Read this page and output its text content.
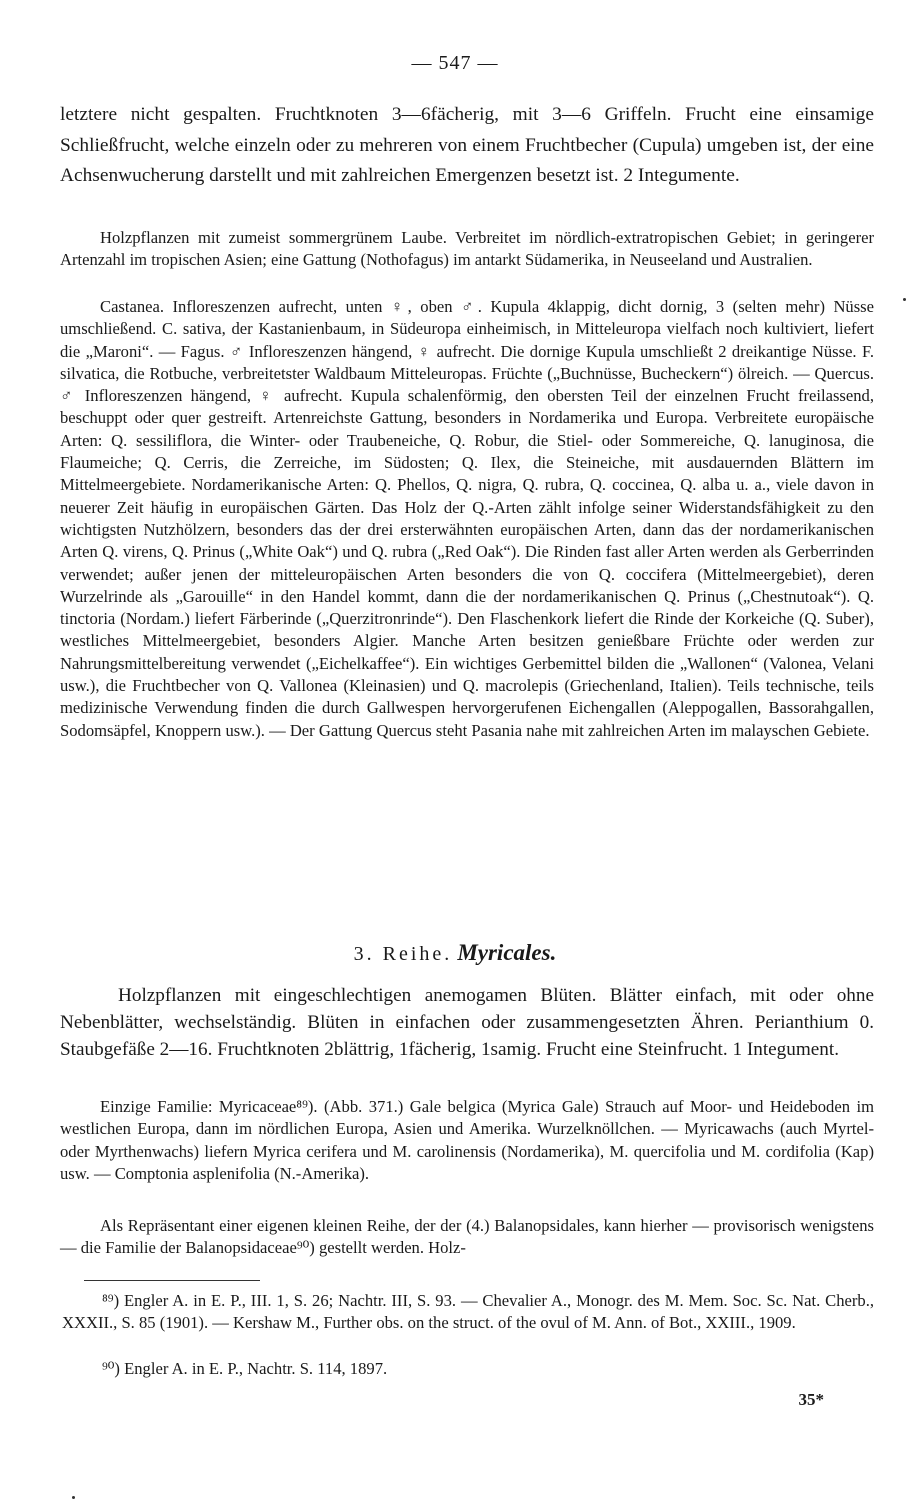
— 547 —
letztere nicht gespalten. Fruchtknoten 3—6fächerig, mit 3—6 Griffeln. Frucht eine einsamige Schließfrucht, welche einzeln oder zu mehreren von einem Fruchtbecher (Cupula) umgeben ist, der eine Achsenwucherung darstellt und mit zahlreichen Emergenzen besetzt ist. 2 Integumente.
Holzpflanzen mit zumeist sommergrünem Laube. Verbreitet im nördlich-extratropischen Gebiet; in geringerer Artenzahl im tropischen Asien; eine Gattung (Nothofagus) im antarkt Südamerika, in Neuseeland und Australien.
Castanea. Infloreszenzen aufrecht, unten ♀, oben ♂. Kupula 4klappig, dicht dornig, 3 (selten mehr) Nüsse umschließend. C. sativa, der Kastanienbaum, in Südeuropa einheimisch, in Mitteleuropa vielfach noch kultiviert, liefert die „Maroni“. — Fagus. ♂ Infloreszenzen hängend, ♀ aufrecht. Die dornige Kupula umschließt 2 dreikantige Nüsse. F. silvatica, die Rotbuche, verbreitetster Waldbaum Mitteleuropas. Früchte („Buchnüsse, Bucheckern“) ölreich. — Quercus. ♂ Infloreszenzen hängend, ♀ aufrecht. Kupula schalenförmig, den obersten Teil der einzelnen Frucht freilassend, beschuppt oder quer gestreift. Artenreichste Gattung, besonders in Nordamerika und Europa. Verbreitete europäische Arten: Q. sessiliflora, die Winter- oder Traubeneiche, Q. Robur, die Stiel- oder Sommereiche, Q. lanuginosa, die Flaumeiche; Q. Cerris, die Zerreiche, im Südosten; Q. Ilex, die Steineiche, mit ausdauernden Blättern im Mittelmeergebiete. Nordamerikanische Arten: Q. Phellos, Q. nigra, Q. rubra, Q. coccinea, Q. alba u. a., viele davon in neuerer Zeit häufig in europäischen Gärten. Das Holz der Q.-Arten zählt infolge seiner Widerstandsfähigkeit zu den wichtigsten Nutzhölzern, besonders das der drei ersterwähnten europäischen Arten, dann das der nordamerikanischen Arten Q. virens, Q. Prinus („White Oak“) und Q. rubra („Red Oak“). Die Rinden fast aller Arten werden als Gerberrinden verwendet; außer jenen der mitteleuropäischen Arten besonders die von Q. coccifera (Mittelmeergebiet), deren Wurzelrinde als „Garouille“ in den Handel kommt, dann die der nordamerikanischen Q. Prinus („Chestnutoak“). Q. tinctoria (Nordam.) liefert Färberinde („Querzitronrinde“). Den Flaschenkork liefert die Rinde der Korkeiche (Q. Suber), westliches Mittelmeergebiet, besonders Algier. Manche Arten besitzen genießbare Früchte oder werden zur Nahrungsmittelbereitung verwendet („Eichelkaffee“). Ein wichtiges Gerbemittel bilden die „Wallonen“ (Valonea, Velani usw.), die Fruchtbecher von Q. Vallonea (Kleinasien) und Q. macrolepis (Griechenland, Italien). Teils technische, teils medizinische Verwendung finden die durch Gallwespen hervorgerufenen Eichengallen (Aleppogallen, Bassorahgallen, Sodomsäpfel, Knoppern usw.). — Der Gattung Quercus steht Pasania nahe mit zahlreichen Arten im malayschen Gebiete.
3. Reihe. Myricales.
Holzpflanzen mit eingeschlechtigen anemogamen Blüten. Blätter einfach, mit oder ohne Nebenblätter, wechselständig. Blüten in einfachen oder zusammengesetzten Ähren. Perianthium 0. Staubgefäße 2—16. Fruchtknoten 2blättrig, 1fächerig, 1samig. Frucht eine Steinfrucht. 1 Integument.
Einzige Familie: Myricaceae⁸⁹). (Abb. 371.) Gale belgica (Myrica Gale) Strauch auf Moor- und Heideboden im westlichen Europa, dann im nördlichen Europa, Asien und Amerika. Wurzelknöllchen. — Myricawachs (auch Myrtel- oder Myrthenwachs) liefern Myrica cerifera und M. carolinensis (Nordamerika), M. quercifolia und M. cordifolia (Kap) usw. — Comptonia asplenifolia (N.-Amerika).
Als Repräsentant einer eigenen kleinen Reihe, der der (4.) Balanopsidales, kann hierher — provisorisch wenigstens — die Familie der Balanopsidaceae⁹⁰) gestellt werden. Holz-
⁸⁹) Engler A. in E. P., III. 1, S. 26; Nachtr. III, S. 93. — Chevalier A., Monogr. des M. Mem. Soc. Sc. Nat. Cherb., XXXII., S. 85 (1901). — Kershaw M., Further obs. on the struct. of the ovul of M. Ann. of Bot., XXIII., 1909.
⁹⁰) Engler A. in E. P., Nachtr. S. 114, 1897.
35*
